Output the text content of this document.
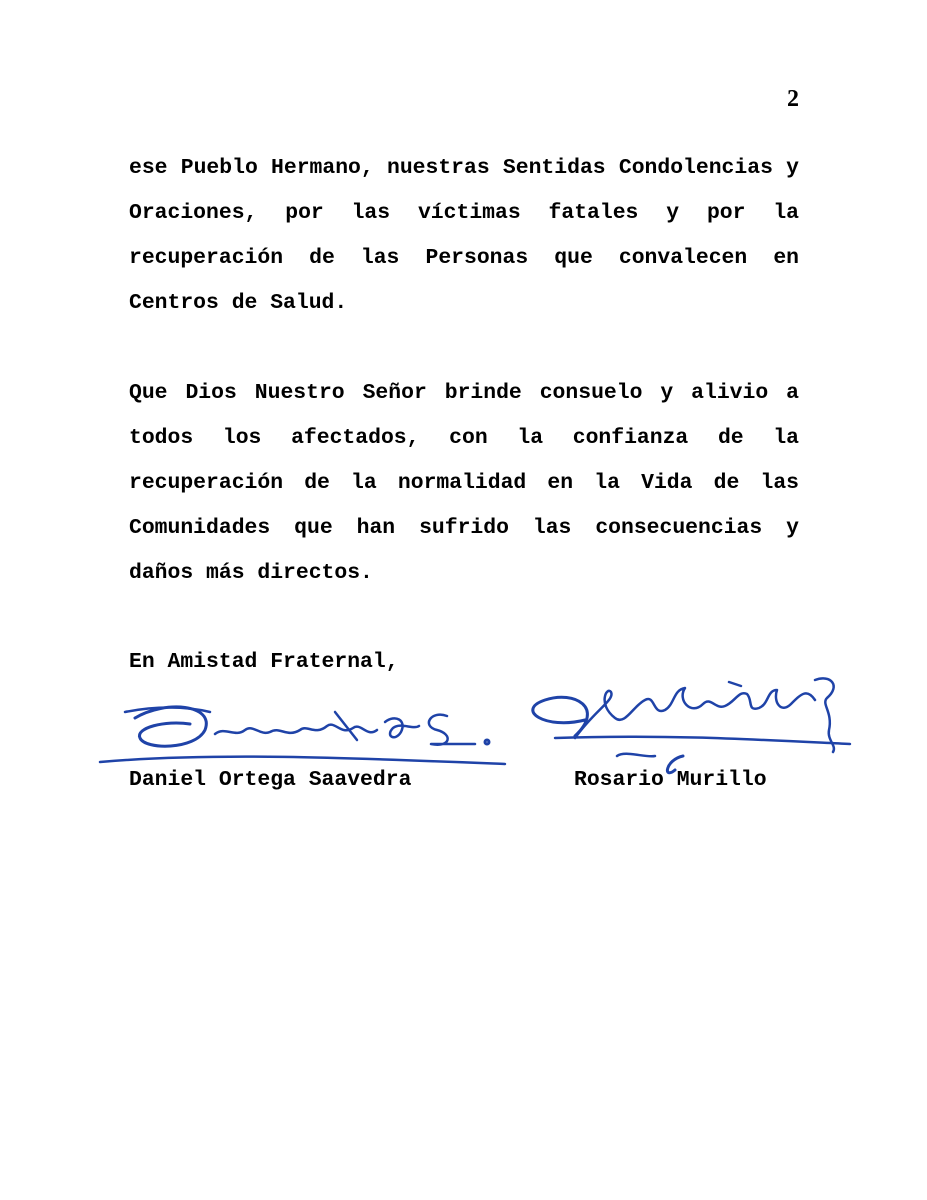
2

ese Pueblo Hermano, nuestras Sentidas Condolencias y Oraciones, por las víctimas fatales y por la recuperación de las Personas que convalecen en Centros de Salud.

Que Dios Nuestro Señor brinde consuelo y alivio a todos los afectados, con la confianza de la recuperación de la normalidad en la Vida de las Comunidades que han sufrido las consecuencias y daños más directos.

En Amistad Fraternal,
Daniel Ortega Saavedra	Rosario Murillo
